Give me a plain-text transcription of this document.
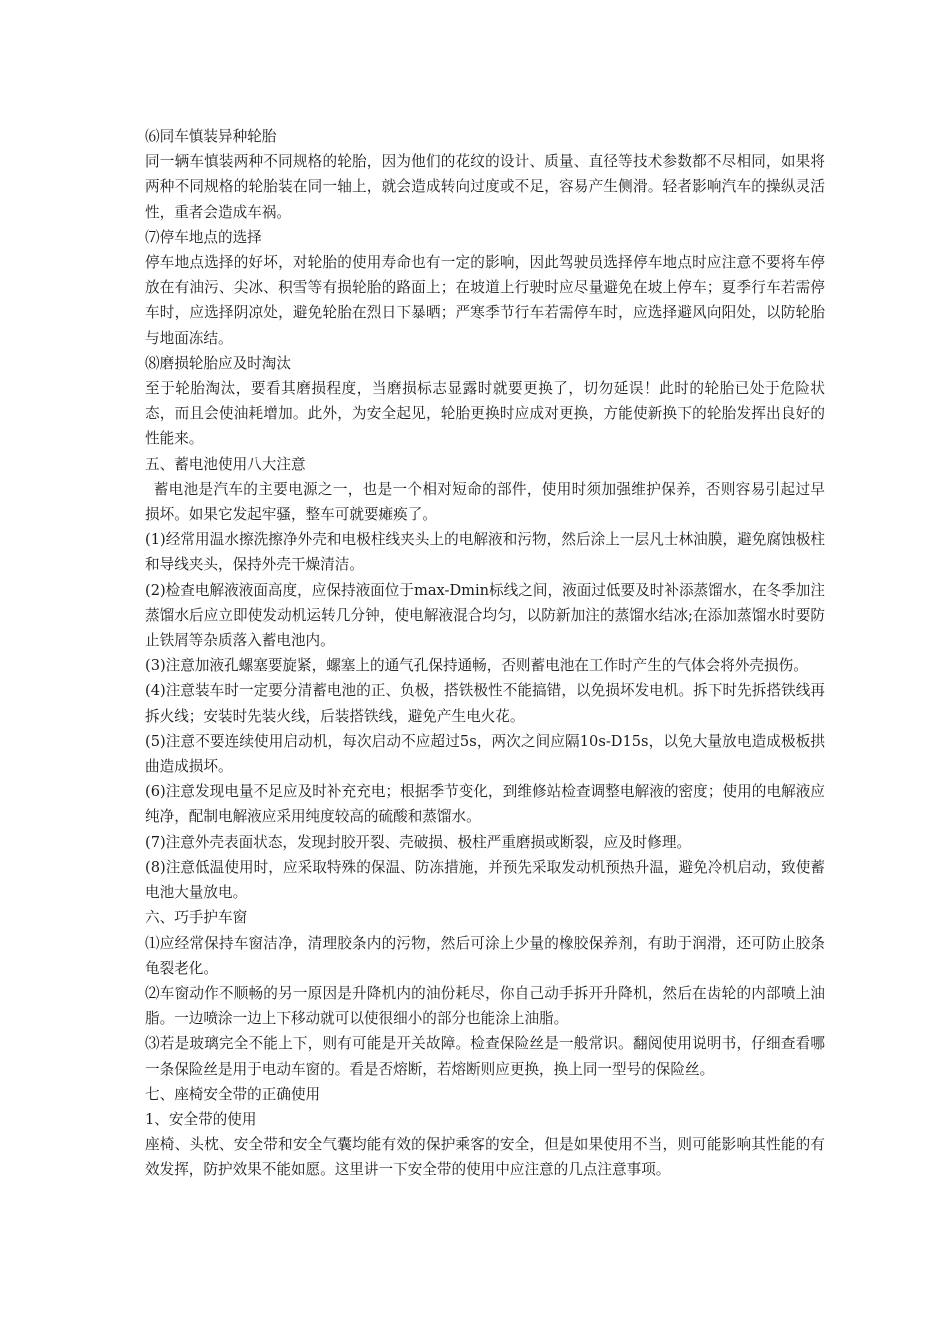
⑹同车慎装异种轮胎

同一辆车慎装两种不同规格的轮胎，因为他们的花纹的设计、质量、直径等技术参数都不尽相同，如果将两种不同规格的轮胎装在同一轴上，就会造成转向过度或不足，容易产生侧滑。轻者影响汽车的操纵灵活性，重者会造成车祸。

⑺停车地点的选择

停车地点选择的好坏，对轮胎的使用寿命也有一定的影响，因此驾驶员选择停车地点时应注意不要将车停放在有油污、尖冰、积雪等有损轮胎的路面上；在坡道上行驶时应尽量避免在坡上停车；夏季行车若需停车时，应选择阴凉处，避免轮胎在烈日下暴晒；严寒季节行车若需停车时，应选择避风向阳处，以防轮胎与地面冻结。

⑻磨损轮胎应及时淘汰

至于轮胎淘汰，要看其磨损程度，当磨损标志显露时就要更换了，切勿延误！此时的轮胎已处于危险状态，而且会使油耗增加。此外，为安全起见，轮胎更换时应成对更换，方能使新换下的轮胎发挥出良好的性能来。

五、蓄电池使用八大注意

蓄电池是汽车的主要电源之一，也是一个相对短命的部件，使用时须加强维护保养，否则容易引起过早损坏。如果它发起牢骚，整车可就要瘫痪了。

(1)经常用温水擦洗擦净外壳和电极柱线夹头上的电解液和污物，然后涂上一层凡士林油膜，避免腐蚀极柱和导线夹头，保持外壳干燥清洁。

(2)检查电解液液面高度，应保持液面位于max-Dmin标线之间，液面过低要及时补添蒸馏水，在冬季加注蒸馏水后应立即使发动机运转几分钟，使电解液混合均匀，以防新加注的蒸馏水结冰;在添加蒸馏水时要防止铁屑等杂质落入蓄电池内。

(3)注意加液孔螺塞要旋紧，螺塞上的通气孔保持通畅，否则蓄电池在工作时产生的气体会将外壳损伤。

(4)注意装车时一定要分清蓄电池的正、负极，搭铁极性不能搞错，以免损坏发电机。拆下时先拆搭铁线再拆火线；安装时先装火线，后装搭铁线，避免产生电火花。

(5)注意不要连续使用启动机，每次启动不应超过5s，两次之间应隔10s-D15s，以免大量放电造成极板拱曲造成损坏。

(6)注意发现电量不足应及时补充充电；根据季节变化，到维修站检查调整电解液的密度；使用的电解液应纯净，配制电解液应采用纯度较高的硫酸和蒸馏水。

(7)注意外壳表面状态，发现封胶开裂、壳破损、极柱严重磨损或断裂，应及时修理。

(8)注意低温使用时，应采取特殊的保温、防冻措施，并预先采取发动机预热升温，避免冷机启动，致使蓄电池大量放电。

六、巧手护车窗

⑴应经常保持车窗洁净，清理胶条内的污物，然后可涂上少量的橡胶保养剂，有助于润滑，还可防止胶条龟裂老化。

⑵车窗动作不顺畅的另一原因是升降机内的油份耗尽，你自己动手拆开升降机，然后在齿轮的内部喷上油脂。一边喷涂一边上下移动就可以使很细小的部分也能涂上油脂。

⑶若是玻璃完全不能上下，则有可能是开关故障。检查保险丝是一般常识。翻阅使用说明书，仔细查看哪一条保险丝是用于电动车窗的。看是否熔断，若熔断则应更换，换上同一型号的保险丝。

七、座椅安全带的正确使用

1、安全带的使用

座椅、头枕、安全带和安全气囊均能有效的保护乘客的安全，但是如果使用不当，则可能影响其性能的有效发挥，防护效果不能如愿。这里讲一下安全带的使用中应注意的几点注意事项。
